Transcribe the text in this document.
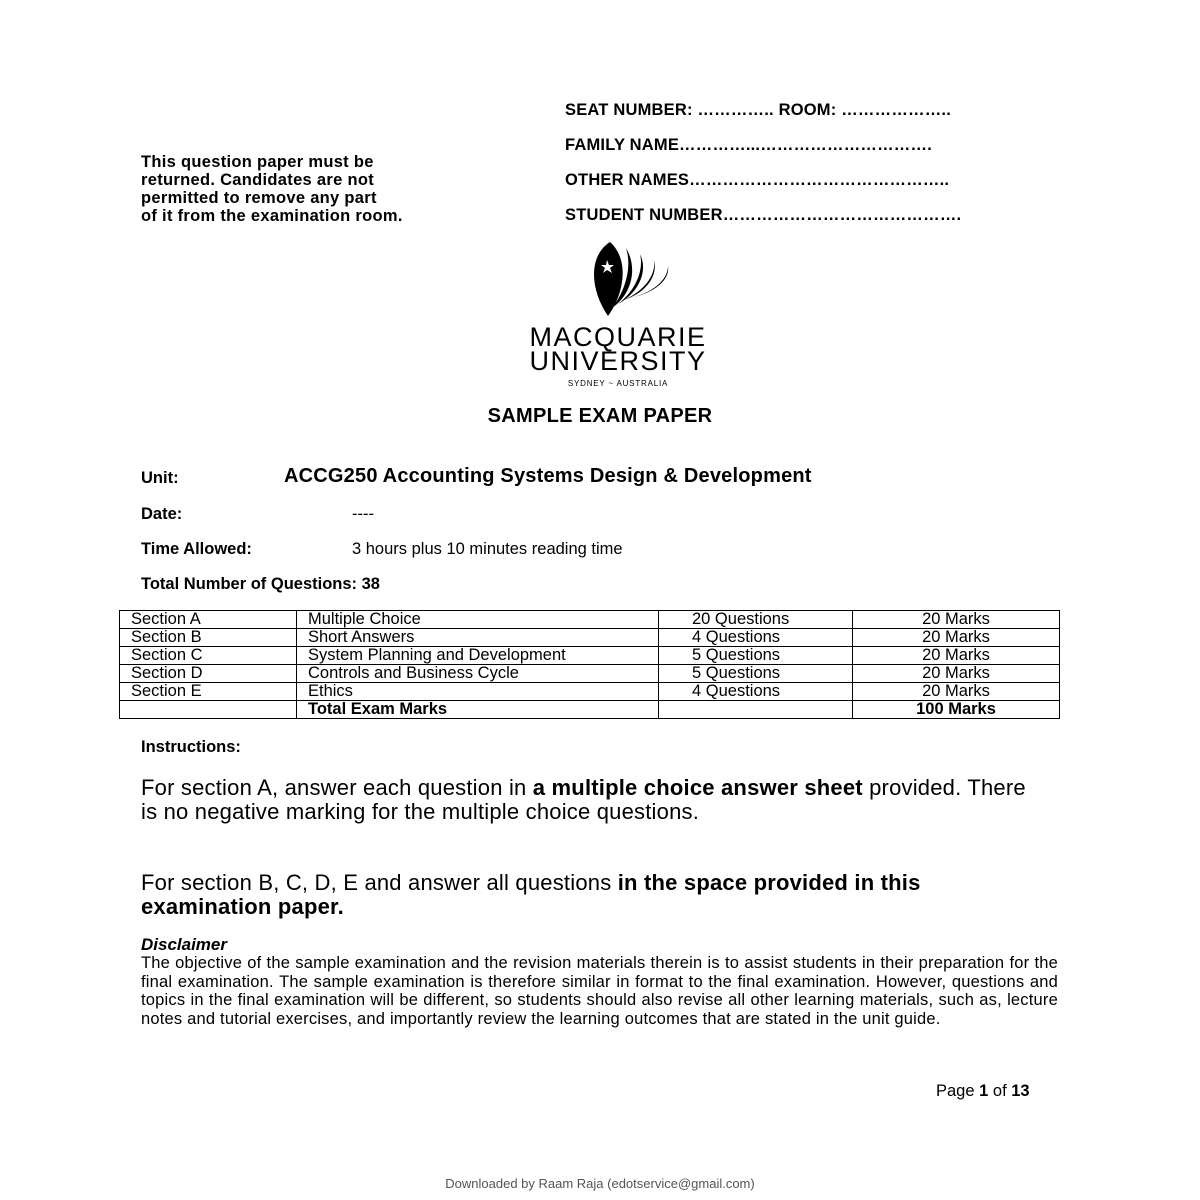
This question paper must be
returned. Candidates are not
permitted to remove any part
of it from the examination room.
SEAT NUMBER: ………….. ROOM: ………………..
FAMILY NAME…………...………………………….
OTHER NAMES………………………………………..
STUDENT NUMBER…………………………………….
MACQUARIE
UNIVERSITY
SYDNEY ~ AUSTRALIA
SAMPLE EXAM PAPER
Unit:	ACCG250 Accounting Systems Design & Development
Date:	----
Time Allowed:	3 hours plus 10 minutes reading time
Total Number of Questions: 38
Section A	Multiple Choice	20 Questions	20 Marks
Section B	Short Answers	4 Questions	20 Marks
Section C	System Planning and Development	5 Questions	20 Marks
Section D	Controls and Business Cycle	5 Questions	20 Marks
Section E	Ethics	4 Questions	20 Marks
	Total Exam Marks		100 Marks
Instructions:
For section A, answer each question in a multiple choice answer sheet provided. There is no negative marking for the multiple choice questions.
For section B, C, D, E and answer all questions in the space provided in this examination paper.
Disclaimer
The objective of the sample examination and the revision materials therein is to assist students in their preparation for the final examination. The sample examination is therefore similar in format to the final examination. However, questions and topics in the final examination will be different, so students should also revise all other learning materials, such as, lecture notes and tutorial exercises, and importantly review the learning outcomes that are stated in the unit guide.
Page 1 of 13
Downloaded by Raam Raja (edotservice@gmail.com)
